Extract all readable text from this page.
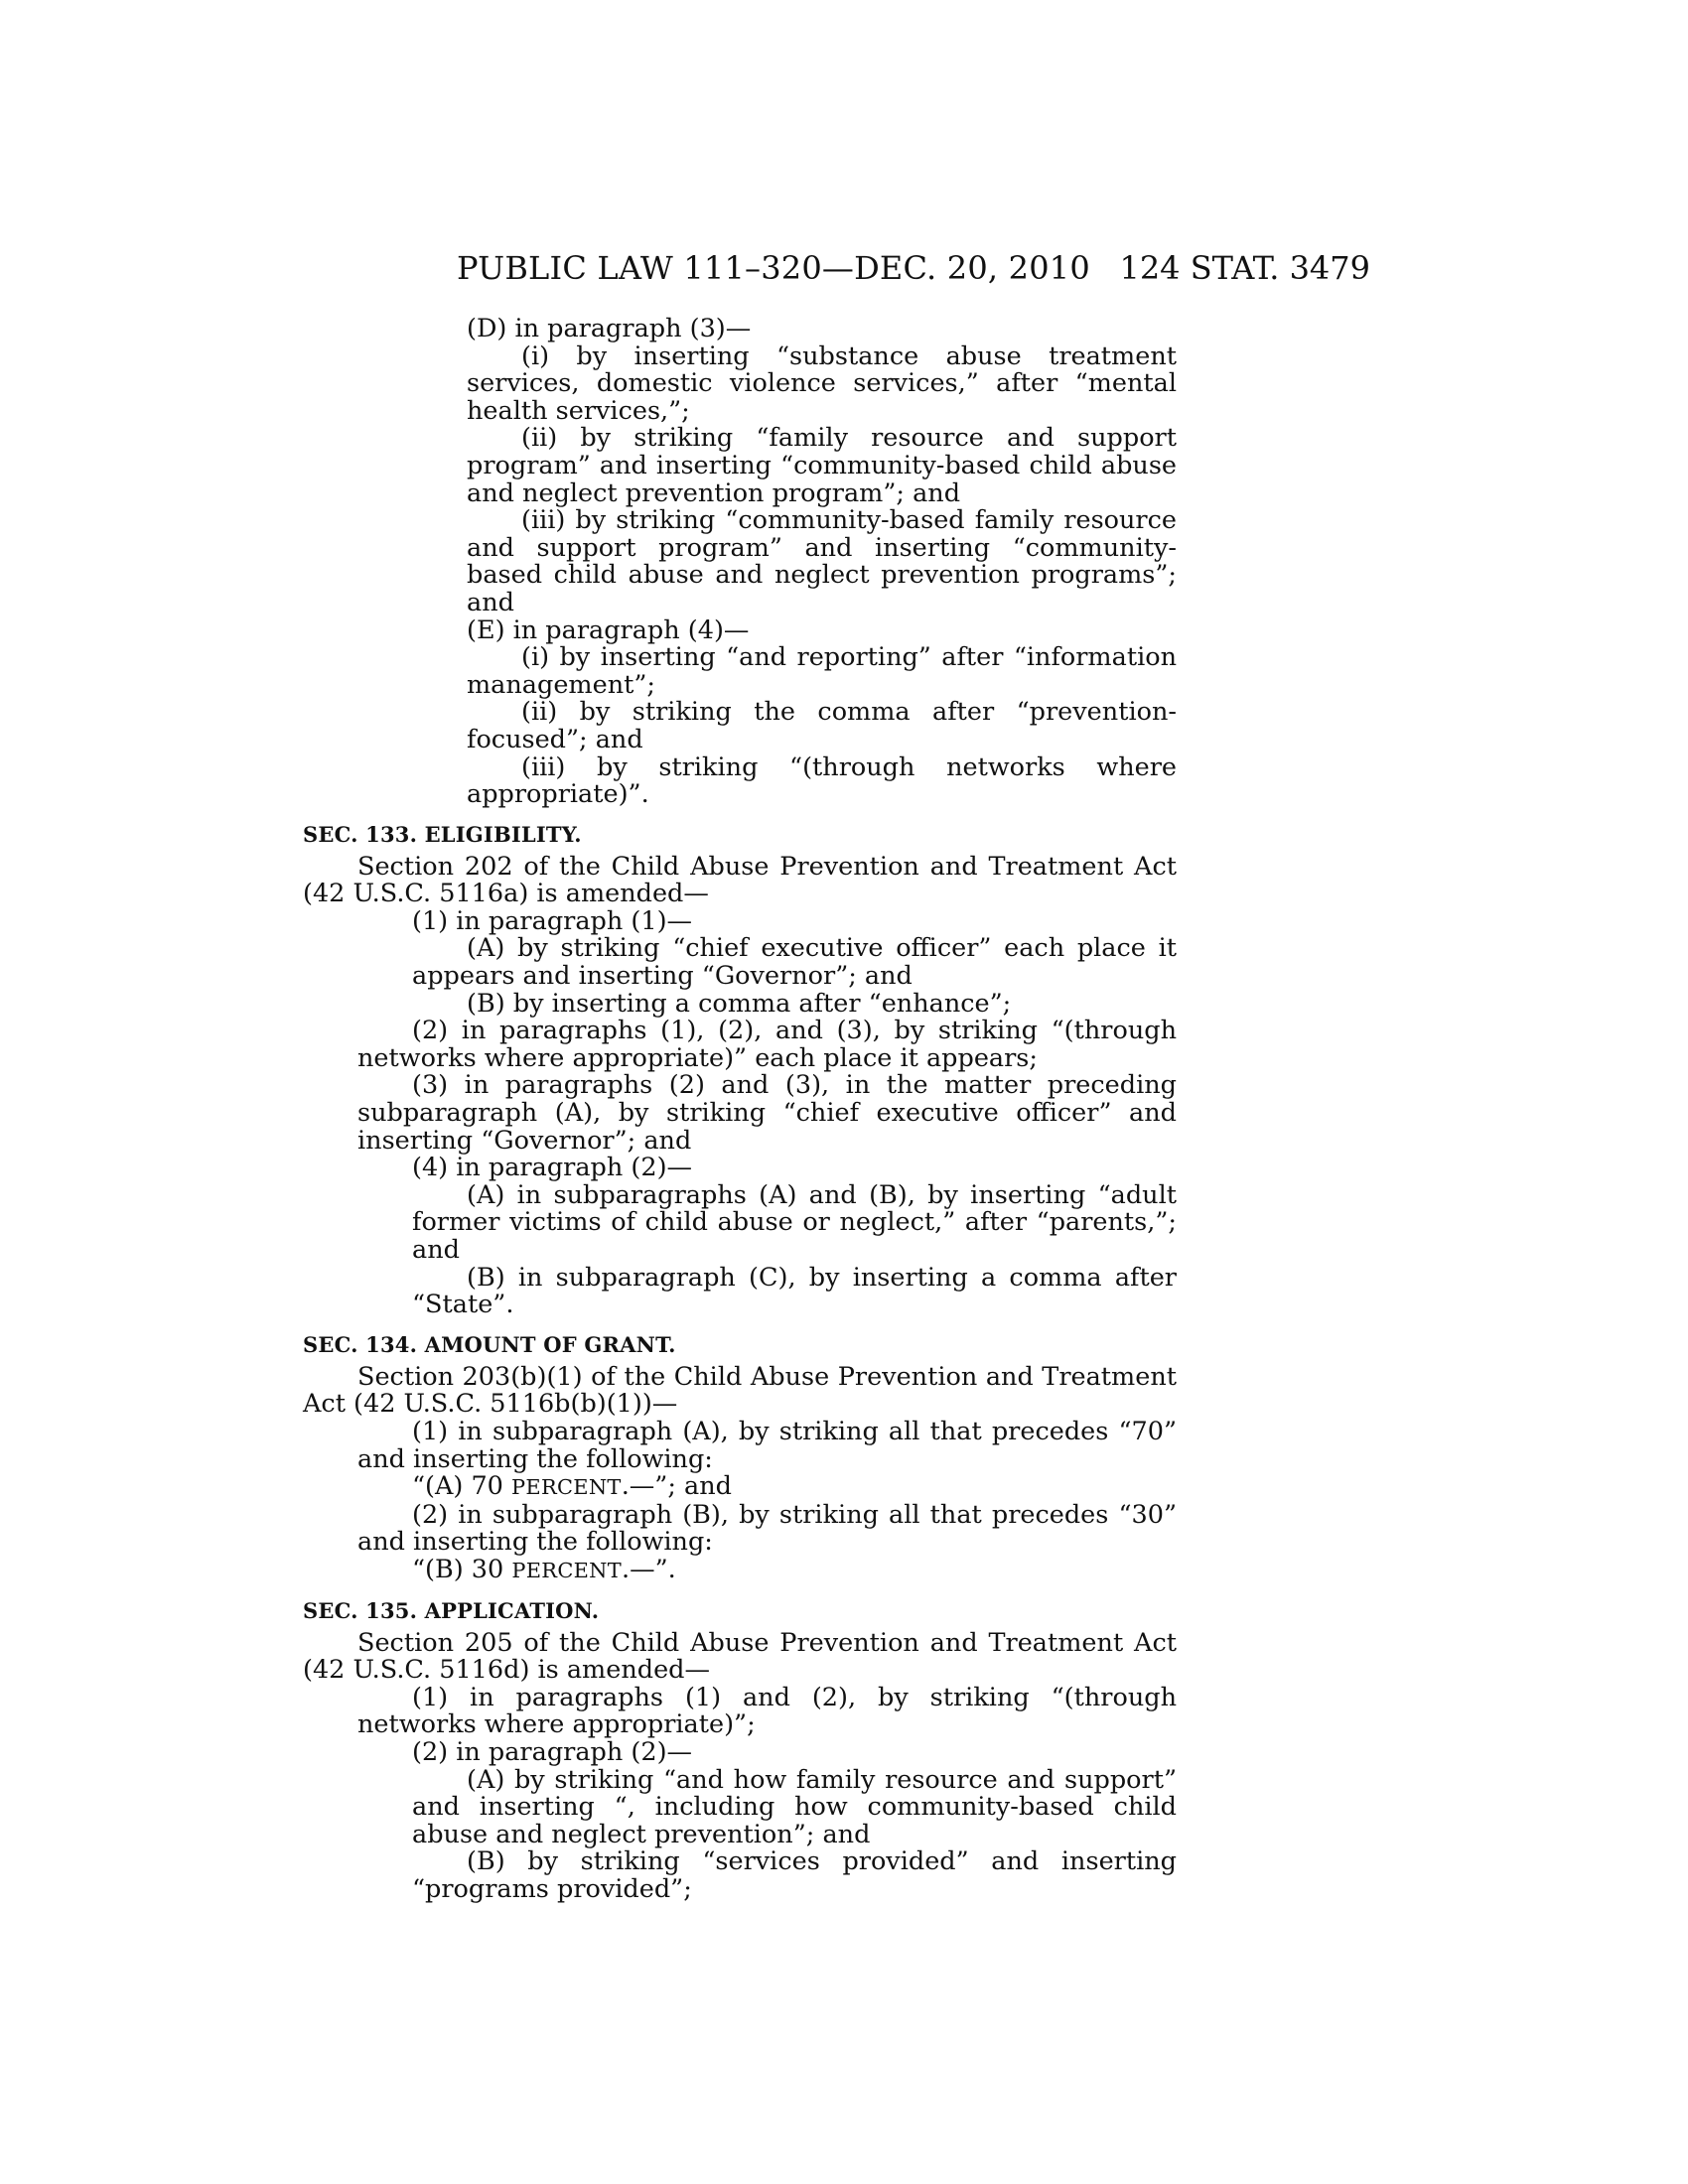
PUBLIC LAW 111–320—DEC. 20, 2010 124 STAT. 3479
(D) in paragraph (3)—
(i) by inserting “substance abuse treatment services, domestic violence services,” after “mental health services,”;
(ii) by striking “family resource and support program” and inserting “community-based child abuse and neglect prevention program”; and
(iii) by striking “community-based family resource and support program” and inserting “community-based child abuse and neglect prevention programs”; and
(E) in paragraph (4)—
(i) by inserting “and reporting” after “information management”;
(ii) by striking the comma after “prevention-focused”; and
(iii) by striking “(through networks where appropriate)”.
SEC. 133. ELIGIBILITY.
Section 202 of the Child Abuse Prevention and Treatment Act (42 U.S.C. 5116a) is amended—
(1) in paragraph (1)—
(A) by striking “chief executive officer” each place it appears and inserting “Governor”; and
(B) by inserting a comma after “enhance”;
(2) in paragraphs (1), (2), and (3), by striking “(through networks where appropriate)” each place it appears;
(3) in paragraphs (2) and (3), in the matter preceding subparagraph (A), by striking “chief executive officer” and inserting “Governor”; and
(4) in paragraph (2)—
(A) in subparagraphs (A) and (B), by inserting “adult former victims of child abuse or neglect,” after “parents,”; and
(B) in subparagraph (C), by inserting a comma after “State”.
SEC. 134. AMOUNT OF GRANT.
Section 203(b)(1) of the Child Abuse Prevention and Treatment Act (42 U.S.C. 5116b(b)(1))—
(1) in subparagraph (A), by striking all that precedes “70” and inserting the following:
“(A) 70 PERCENT.—”; and
(2) in subparagraph (B), by striking all that precedes “30” and inserting the following:
“(B) 30 PERCENT.—”.
SEC. 135. APPLICATION.
Section 205 of the Child Abuse Prevention and Treatment Act (42 U.S.C. 5116d) is amended—
(1) in paragraphs (1) and (2), by striking “(through networks where appropriate)”;
(2) in paragraph (2)—
(A) by striking “and how family resource and support” and inserting “, including how community-based child abuse and neglect prevention”; and
(B) by striking “services provided” and inserting “programs provided”;
